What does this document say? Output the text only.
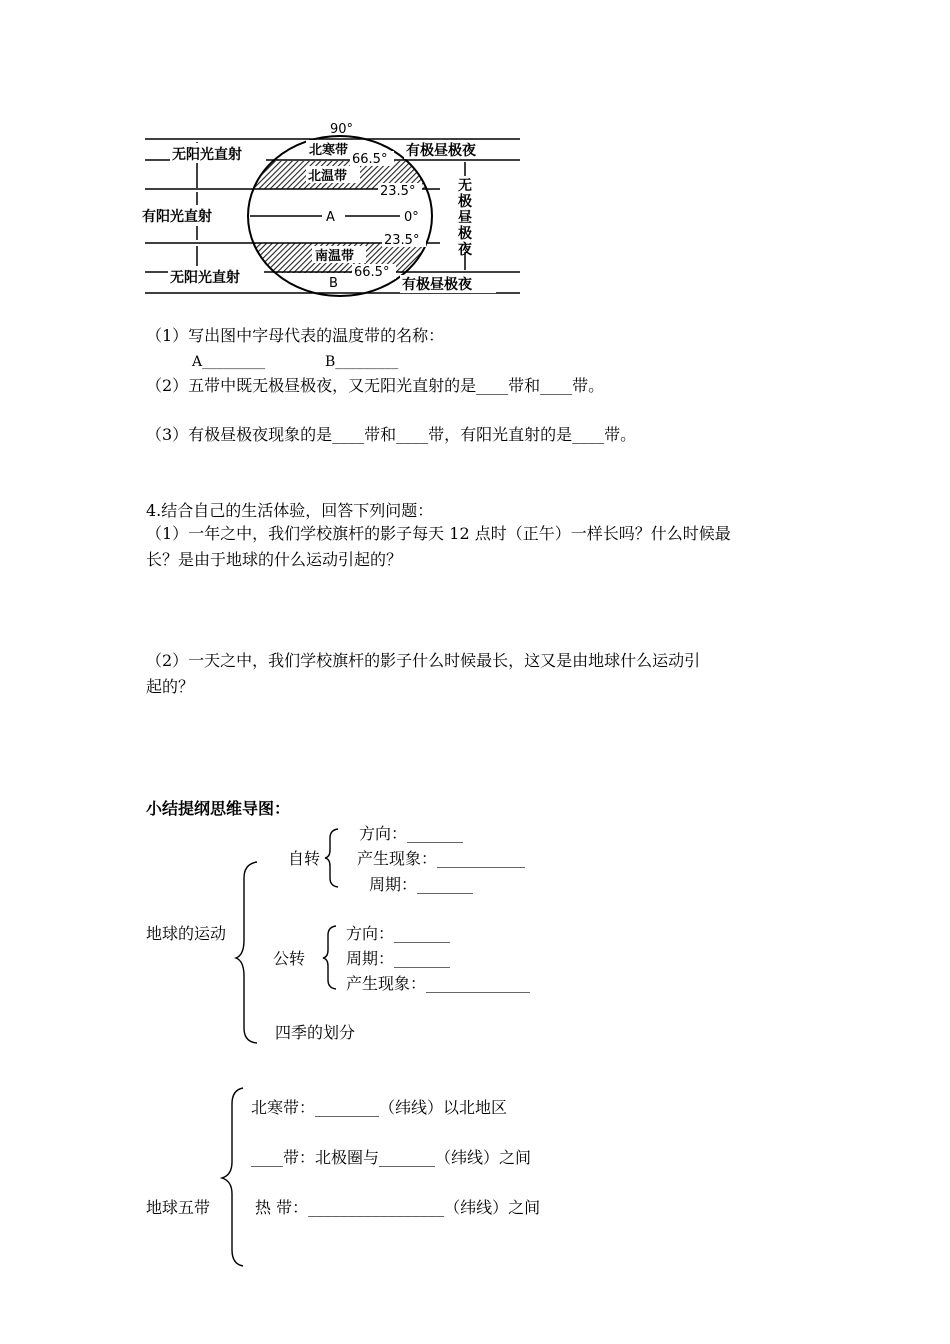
90°
无阳光直射
有阳光直射
无阳光直射
有极昼极夜
有极昼极夜
无
极
昼
极
夜
北寒带
北温带
南温带
A
B
66.5°
23.5°
0°
23.5°
66.5°
（1）写出图中字母代表的温度带的名称：
A_________	B_________
（2）五带中既无极昼极夜，又无阳光直射的是____带和____带。
（3）有极昼极夜现象的是____带和____带，有阳光直射的是____带。
4.结合自己的生活体验，回答下列问题：
（1）一年之中，我们学校旗杆的影子每天 12 点时（正午）一样长吗？什么时候最
长？是由于地球的什么运动引起的？
（2）一天之中，我们学校旗杆的影子什么时候最长，这又是由地球什么运动引
起的？
小结提纲思维导图：
地球的运动
自转
方向：_______
产生现象：___________
周期：_______
公转
方向：_______
周期：_______
产生现象：_____________
四季的划分
地球五带
北寒带：________（纬线）以北地区
____带：北极圈与_______（纬线）之间
热 带：_________________（纬线）之间
